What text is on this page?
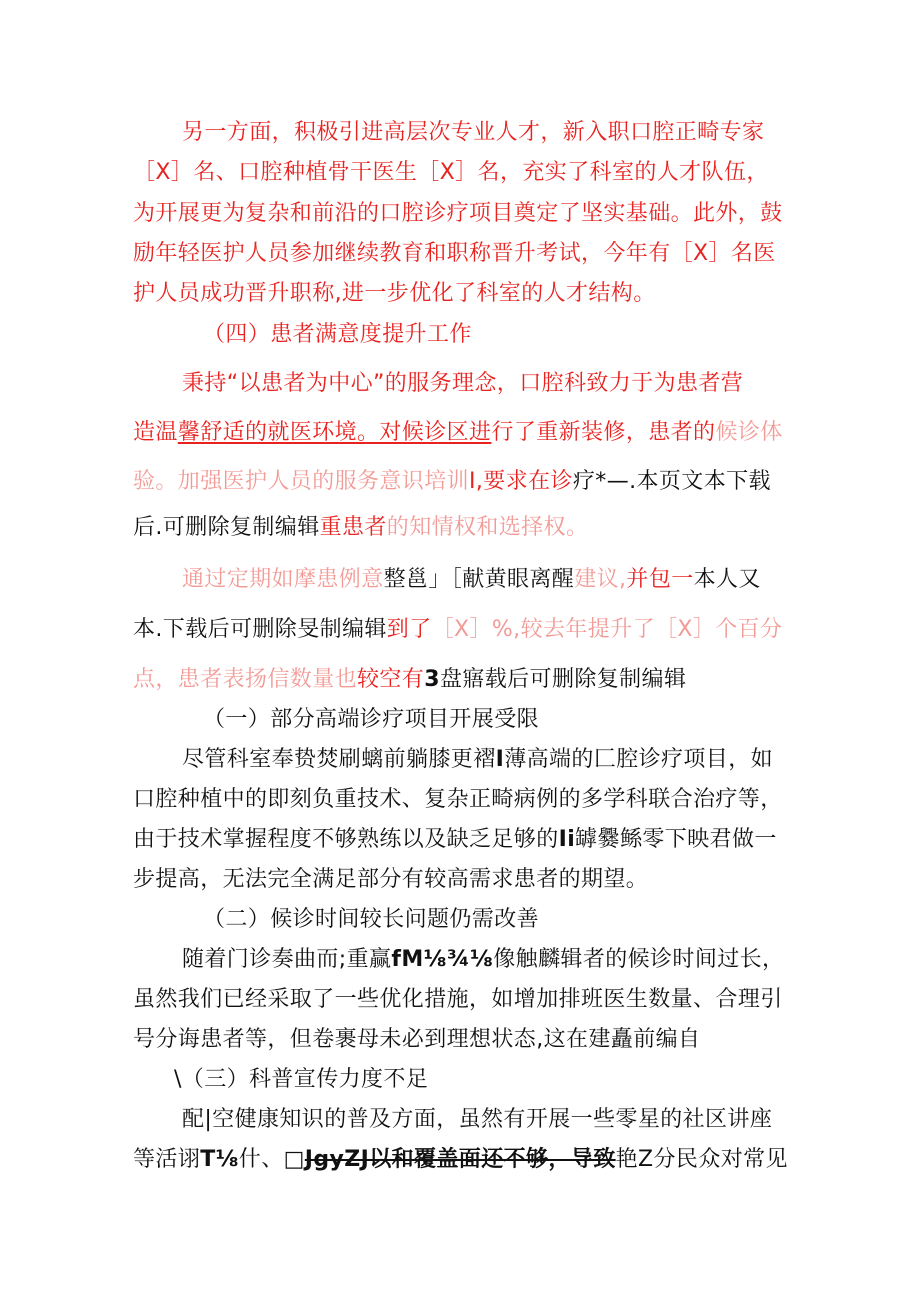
另一方面，积极引进高层次专业人才，新入职口腔正畸专家
［X］名、口腔种植骨干医生［X］名，充实了科室的人才队伍，
为开展更为复杂和前沿的口腔诊疗项目奠定了坚实基础。此外，鼓
励年轻医护人员参加继续教育和职称晋升考试，今年有［X］名医
护人员成功晋升职称,进一步优化了科室的人才结构。
（四）患者满意度提升工作
秉持“以患者为中心”的服务理念，口腔科致力于为患者营
造温馨舒适的就医环境。对候诊区进行了重新装修，患者的候诊体
验。加强医护人员的服务意识培训I,要求在诊疗*—.本页文本下载
后.可删除复制编辑重患者的知情权和选择权。
通过定期如摩患例意整邕」［献黄眼离醒建议,并包一本人又
本.下载后可删除旻制编辑到了［X］%,较去年提升了［X］个百分
点，患者表扬信数量也较空有3盘寤载后可删除复制编辑
（一）部分高端诊疗项目开展受限
尽管科室奉贽焚刷螭前躺膝更褶I薄高端的匚腔诊疗项目，如
口腔种植中的即刻负重技术、复杂正畸病例的多学科联合治疗等，
由于技术掌握程度不够熟练以及缺乏足够的Ii罅爨鲧零下映君做一
步提高，无法完全满足部分有较高需求患者的期望。
（二）候诊时间较长问题仍需改善
随着门诊奏曲而;重赢fM⅛¾⅛像触麟辑者的候诊时间过长，
虽然我们已经采取了一些优化措施，如增加排班医生数量、合理引
号分诲患者等，但卷裹母未必到理想状态,这在建矗前编自
\（三）科普宣传力度不足
配|空健康知识的普及方面，虽然有开展一些零星的社区讲座
等活诩T⅛什、□JgyZJ以和覆盖面还不够，导致艳Z分民众对常见
